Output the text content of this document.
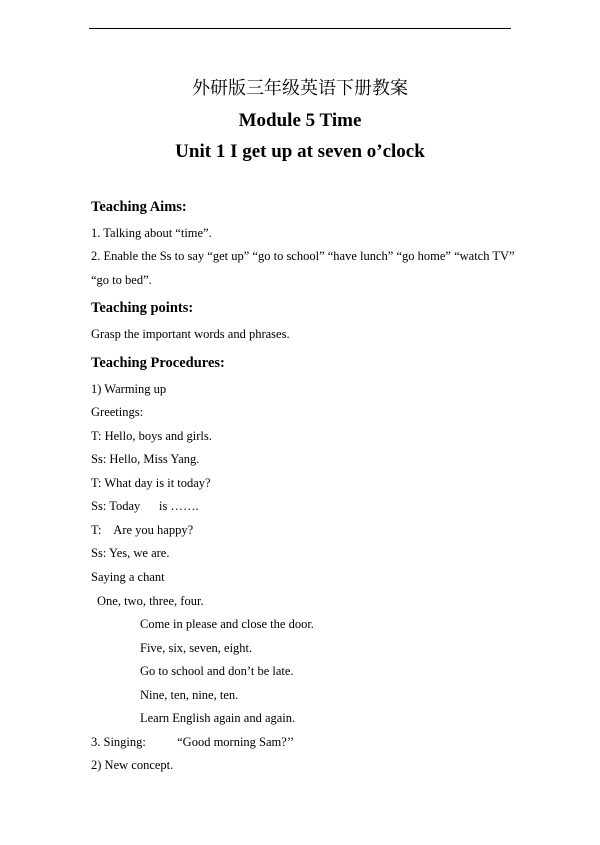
外研版三年级英语下册教案
Module 5 Time
Unit 1 I get up at seven o’clock
Teaching Aims:
1. Talking about “time”.
2. Enable the Ss to say “get up” “go to school” “have lunch” “go home” “watch TV”
“go to bed”.
Teaching points:
Grasp the important words and phrases.
Teaching Procedures:
1) Warming up
Greetings:
T: Hello, boys and girls.
Ss: Hello, Miss Yang.
T: What day is it today?
Ss: Today      is …….
T:    Are you happy?
Ss: Yes, we are.
Saying a chant
One, two, three, four.
Come in please and close the door.
Five, six, seven, eight.
Go to school and don’t be late.
Nine, ten, nine, ten.
Learn English again and again.
3. Singing:          “Good morning Sam?’’
2) New concept.
